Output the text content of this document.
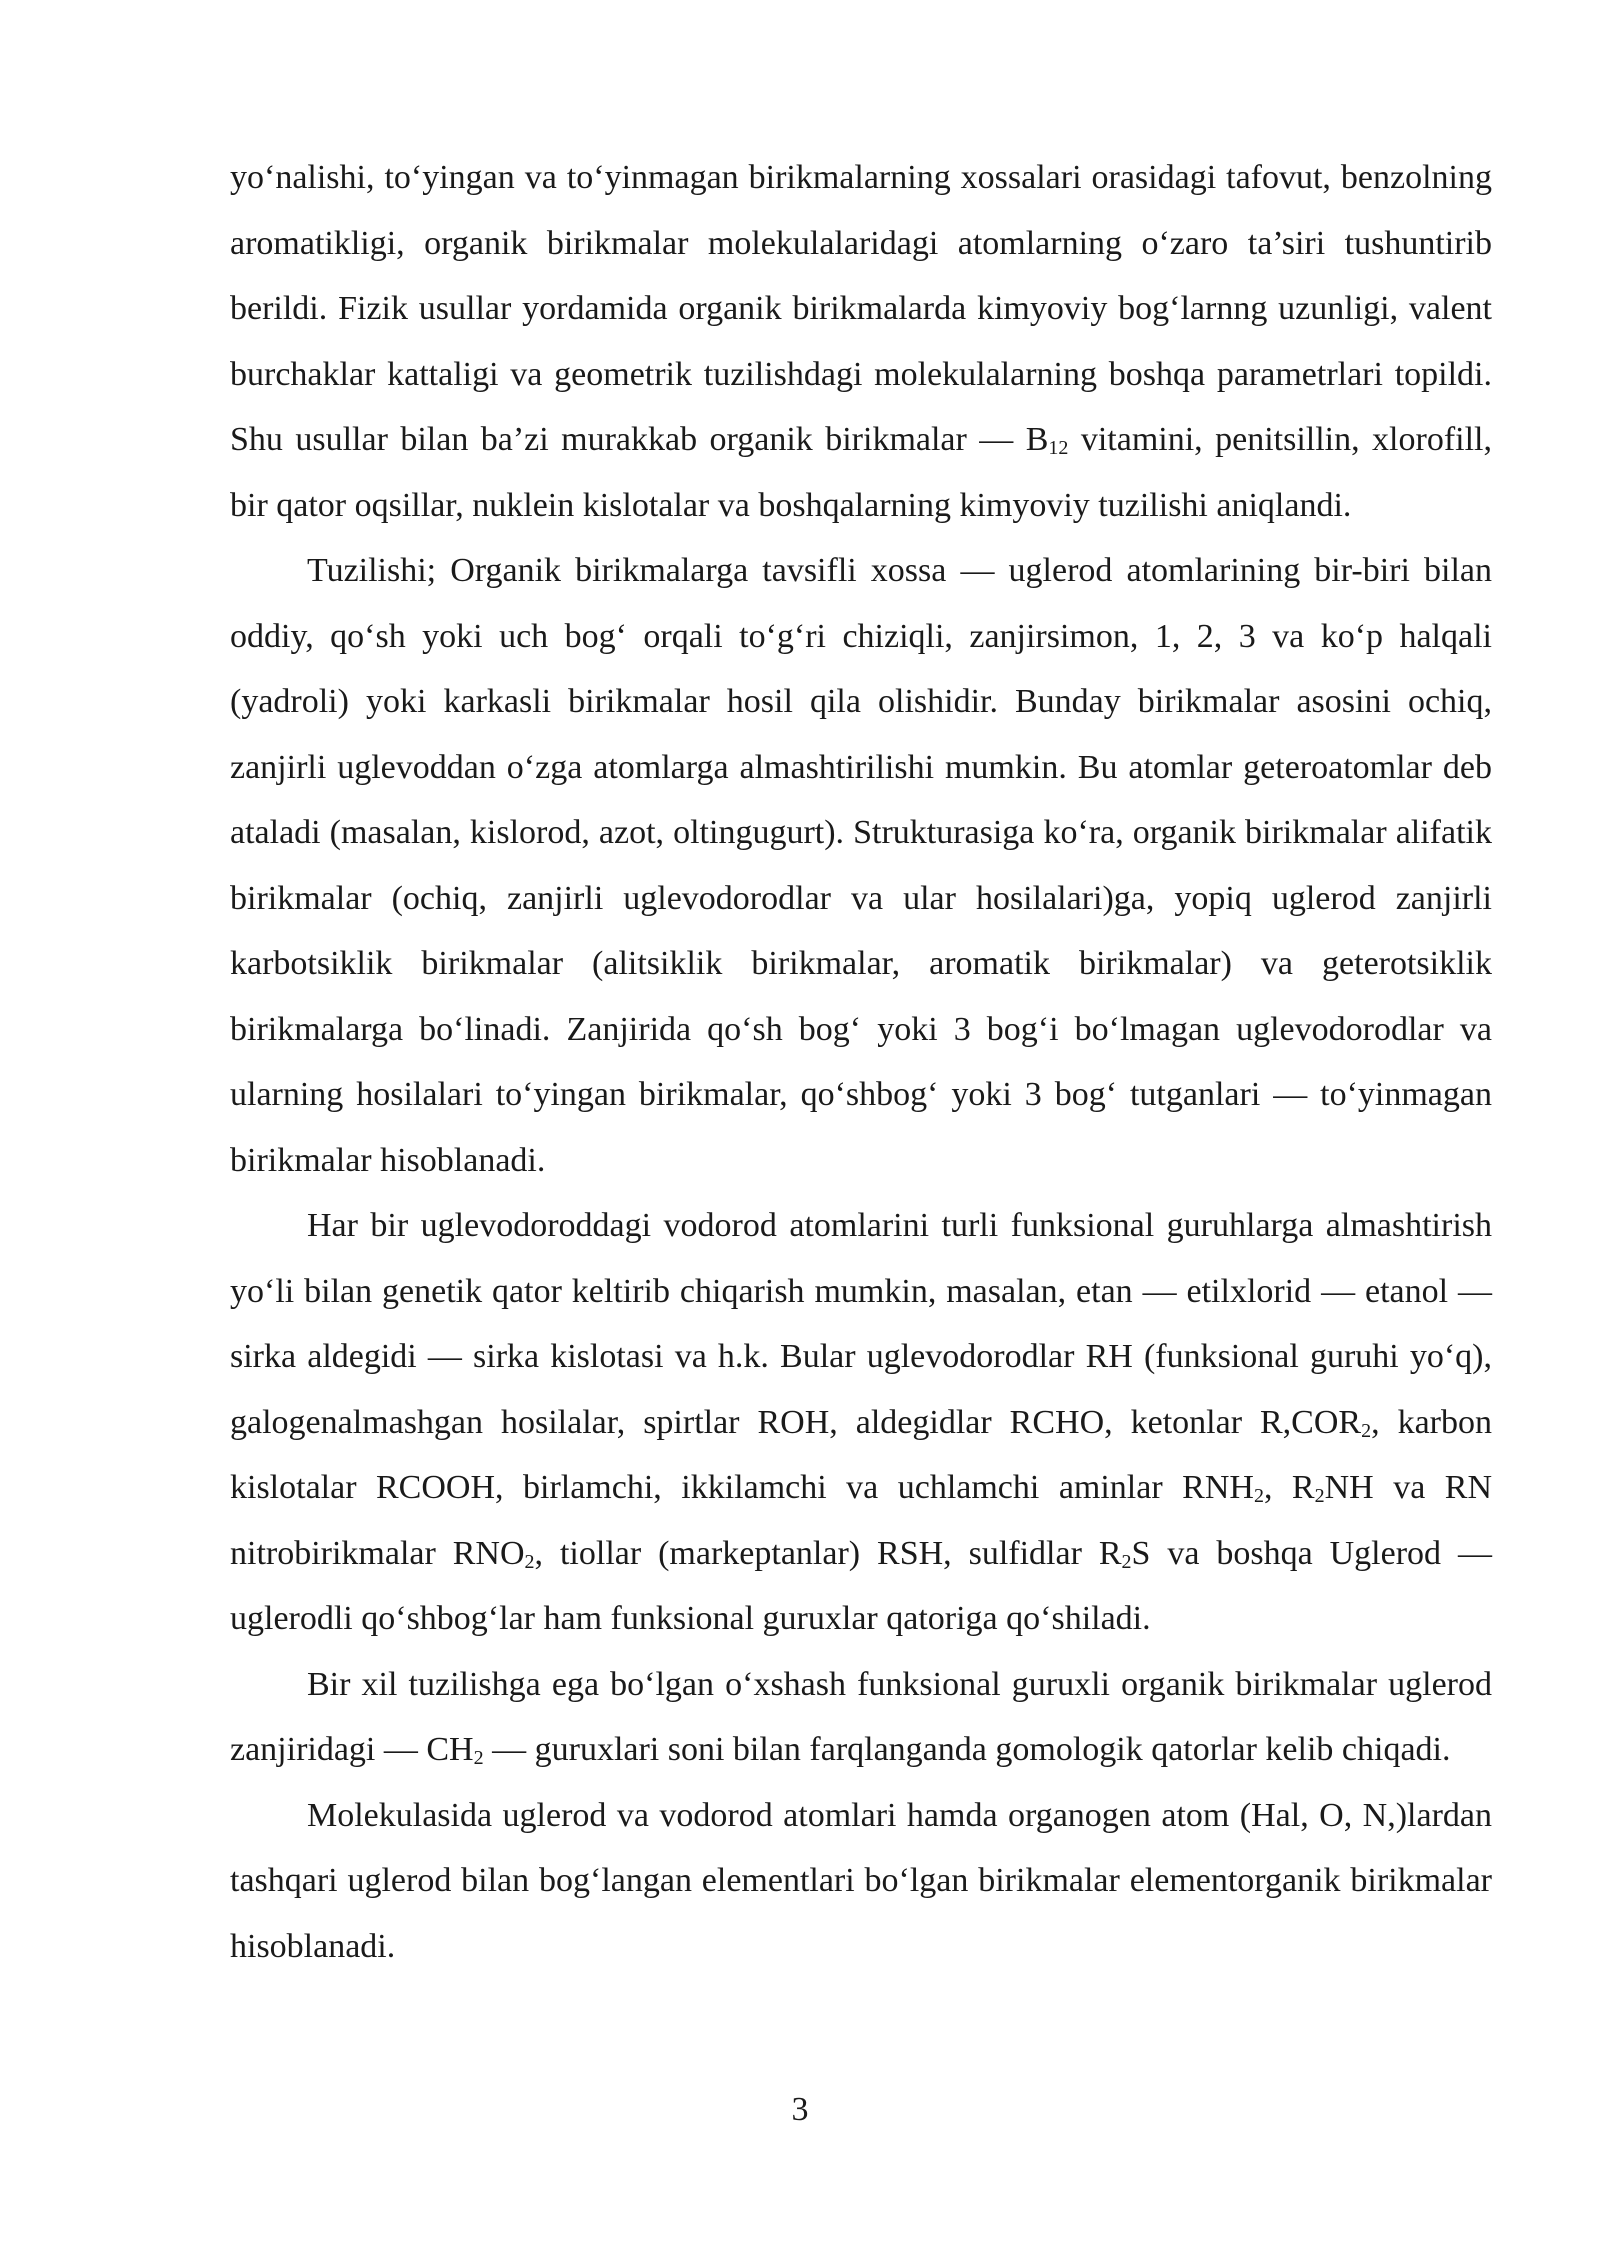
yo‘nalishi, to‘yingan va to‘yinmagan birikmalarning xossalari orasidagi tafovut, benzolning aromatikligi, organik birikmalar molekulalaridagi atomlarning o‘zaro ta’siri tushuntirib berildi. Fizik usullar yordamida organik birikmalarda kimyoviy bog‘larnng uzunligi, valent burchaklar kattaligi va geometrik tuzilishdagi molekulalarning boshqa parametrlari topildi. Shu usullar bilan ba’zi murakkab organik birikmalar — $B_{12}$ vitamini, penitsillin, xlorofill, bir qator oqsillar, nuklein kislotalar va boshqalarning kimyoviy tuzilishi aniqlandi.

Tuzilishi; Organik birikmalarga tavsifli xossa — uglerod atomlarining bir-biri bilan oddiy, qo‘sh yoki uch bog‘ orqali to‘g‘ri chiziqli, zanjirsimon, 1, 2, 3 va ko‘p halqali (yadroli) yoki karkasli birikmalar hosil qila olishidir. Bunday birikmalar asosini ochiq, zanjirli uglevoddan o‘zga atomlarga almashtirilishi mumkin. Bu atomlar geteroatomlar deb ataladi (masalan, kislorod, azot, oltingugurt). Strukturasiga ko‘ra, organik birikmalar alifatik birikmalar (ochiq, zanjirli uglevodorodlar va ular hosilalari)ga, yopiq uglerod zanjirli karbotsiklik birikmalar (alitsiklik birikmalar, aromatik birikmalar) va geterotsiklik birikmalarga bo‘linadi. Zanjirida qo‘sh bog‘ yoki 3 bog‘i bo‘lmagan uglevodorodlar va ularning hosilalari to‘yingan birikmalar, qo‘shbog‘ yoki 3 bog‘ tutganlari — to‘yinmagan birikmalar hisoblanadi.

Har bir uglevodoroddagi vodorod atomlarini turli funksional guruhlarga almashtirish yo‘li bilan genetik qator keltirib chiqarish mumkin, masalan, etan — etilxlorid — etanol — sirka aldegidi — sirka kislotasi va h.k. Bular uglevodorodlar RH (funksional guruhi yo‘q), galogenalmashgan hosilalar, spirtlar ROH, aldegidlar RCHO, ketonlar $R,COR_2$, karbon kislotalar RCOOH, birlamchi, ikkilamchi va uchlamchi aminlar $RNH_2$, $R_2NH$ va RN nitrobirikmalar $RNO_2$, tiollar (markeptanlar) RSH, sulfidlar $R_2S$ va boshqa Uglerod — uglerodli qo‘shbog‘lar ham funksional guruxlar qatoriga qo‘shiladi.

Bir xil tuzilishga ega bo‘lgan o‘xshash funksional guruxli organik birikmalar uglerod zanjiridagi — $CH_2$ — guruxlari soni bilan farqlanganda gomologik qatorlar kelib chiqadi.

Molekulasida uglerod va vodorod atomlari hamda organogen atom (Hal, O, N,)lardan tashqari uglerod bilan bog‘langan elementlari bo‘lgan birikmalar elementorganik birikmalar hisoblanadi.

3
